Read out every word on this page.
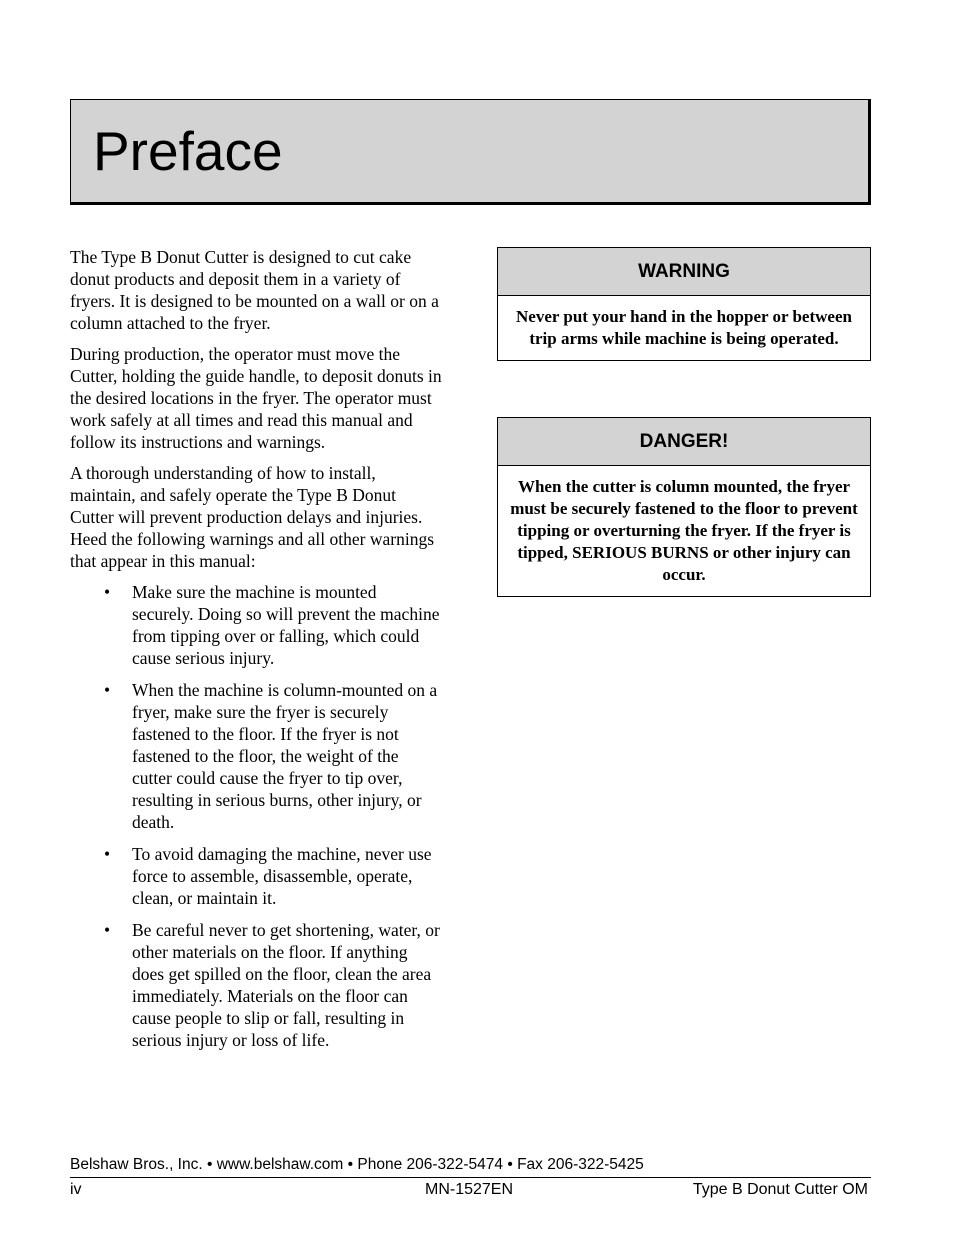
Preface

The Type B Donut Cutter is designed to cut cake donut products and deposit them in a variety of fryers. It is designed to be mounted on a wall or on a column attached to the fryer.

During production, the operator must move the Cutter, holding the guide handle, to deposit donuts in the desired locations in the fryer. The operator must work safely at all times and read this manual and follow its instructions and warnings.

A thorough understanding of how to install, maintain, and safely operate the Type B Donut Cutter will prevent production delays and injuries. Heed the following warnings and all other warnings that appear in this manual:

• Make sure the machine is mounted securely. Doing so will prevent the machine from tipping over or falling, which could cause serious injury.
• When the machine is column-mounted on a fryer, make sure the fryer is securely fastened to the floor. If the fryer is not fastened to the floor, the weight of the cutter could cause the fryer to tip over, resulting in serious burns, other injury, or death.
• To avoid damaging the machine, never use force to assemble, disassemble, operate, clean, or maintain it.
• Be careful never to get shortening, water, or other materials on the floor. If anything does get spilled on the floor, clean the area immediately. Materials on the floor can cause people to slip or fall, resulting in serious injury or loss of life.
WARNING
Never put your hand in the hopper or between trip arms while machine is being operated.
DANGER!
When the cutter is column mounted, the fryer must be securely fastened to the floor to prevent tipping or overturning the fryer. If the fryer is tipped, SERIOUS BURNS or other injury can occur.
Belshaw Bros., Inc. • www.belshaw.com • Phone 206-322-5474 • Fax 206-322-5425
iv	MN-1527EN	Type B Donut Cutter OM
